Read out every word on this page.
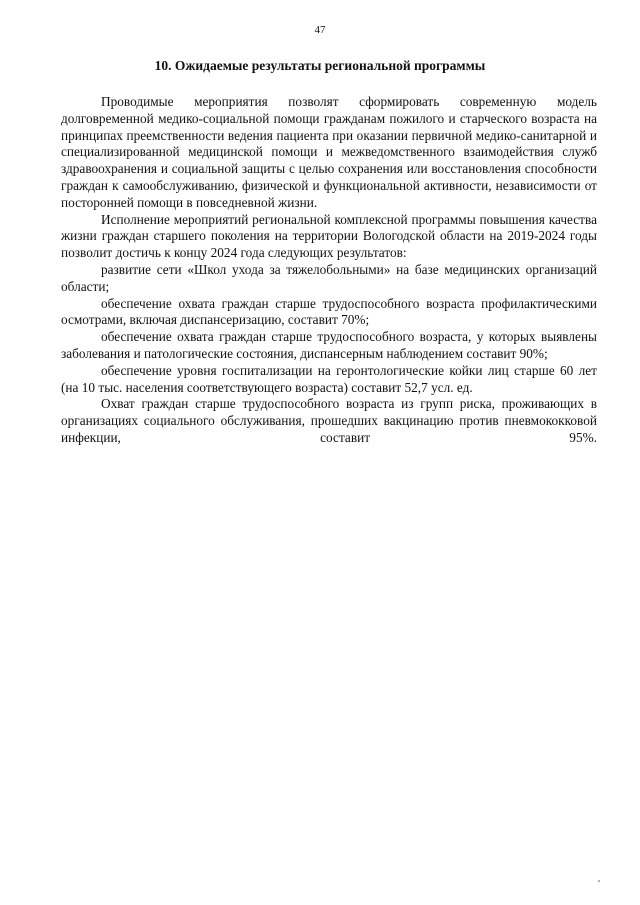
47
10. Ожидаемые результаты региональной программы

Проводимые мероприятия позволят сформировать современную модель долговременной медико-социальной помощи гражданам пожилого и старческого возраста на принципах преемственности ведения пациента при оказании первичной медико-санитарной и специализированной медицинской помощи и межведомственного взаимодействия служб здравоохранения и социальной защиты с целью сохранения или восстановления способности граждан к самообслуживанию, физической и функциональной активности, независимости от посторонней помощи в повседневной жизни.

Исполнение мероприятий региональной комплексной программы повышения качества жизни граждан старшего поколения на территории Вологодской области на 2019-2024 годы позволит достичь к концу 2024 года следующих результатов:

развитие сети «Школ ухода за тяжелобольными» на базе медицинских организаций области;

обеспечение охвата граждан старше трудоспособного возраста профилактическими осмотрами, включая диспансеризацию, составит 70%;

обеспечение охвата граждан старше трудоспособного возраста, у которых выявлены заболевания и патологические состояния, диспансерным наблюдением составит 90%;

обеспечение уровня госпитализации на геронтологические койки лиц старше 60 лет (на 10 тыс. населения соответствующего возраста) составит 52,7 усл. ед.

Охват граждан старше трудоспособного возраста из групп риска, проживающих в организациях социального обслуживания, прошедших вакцинацию против пневмококковой инфекции, составит 95%.
